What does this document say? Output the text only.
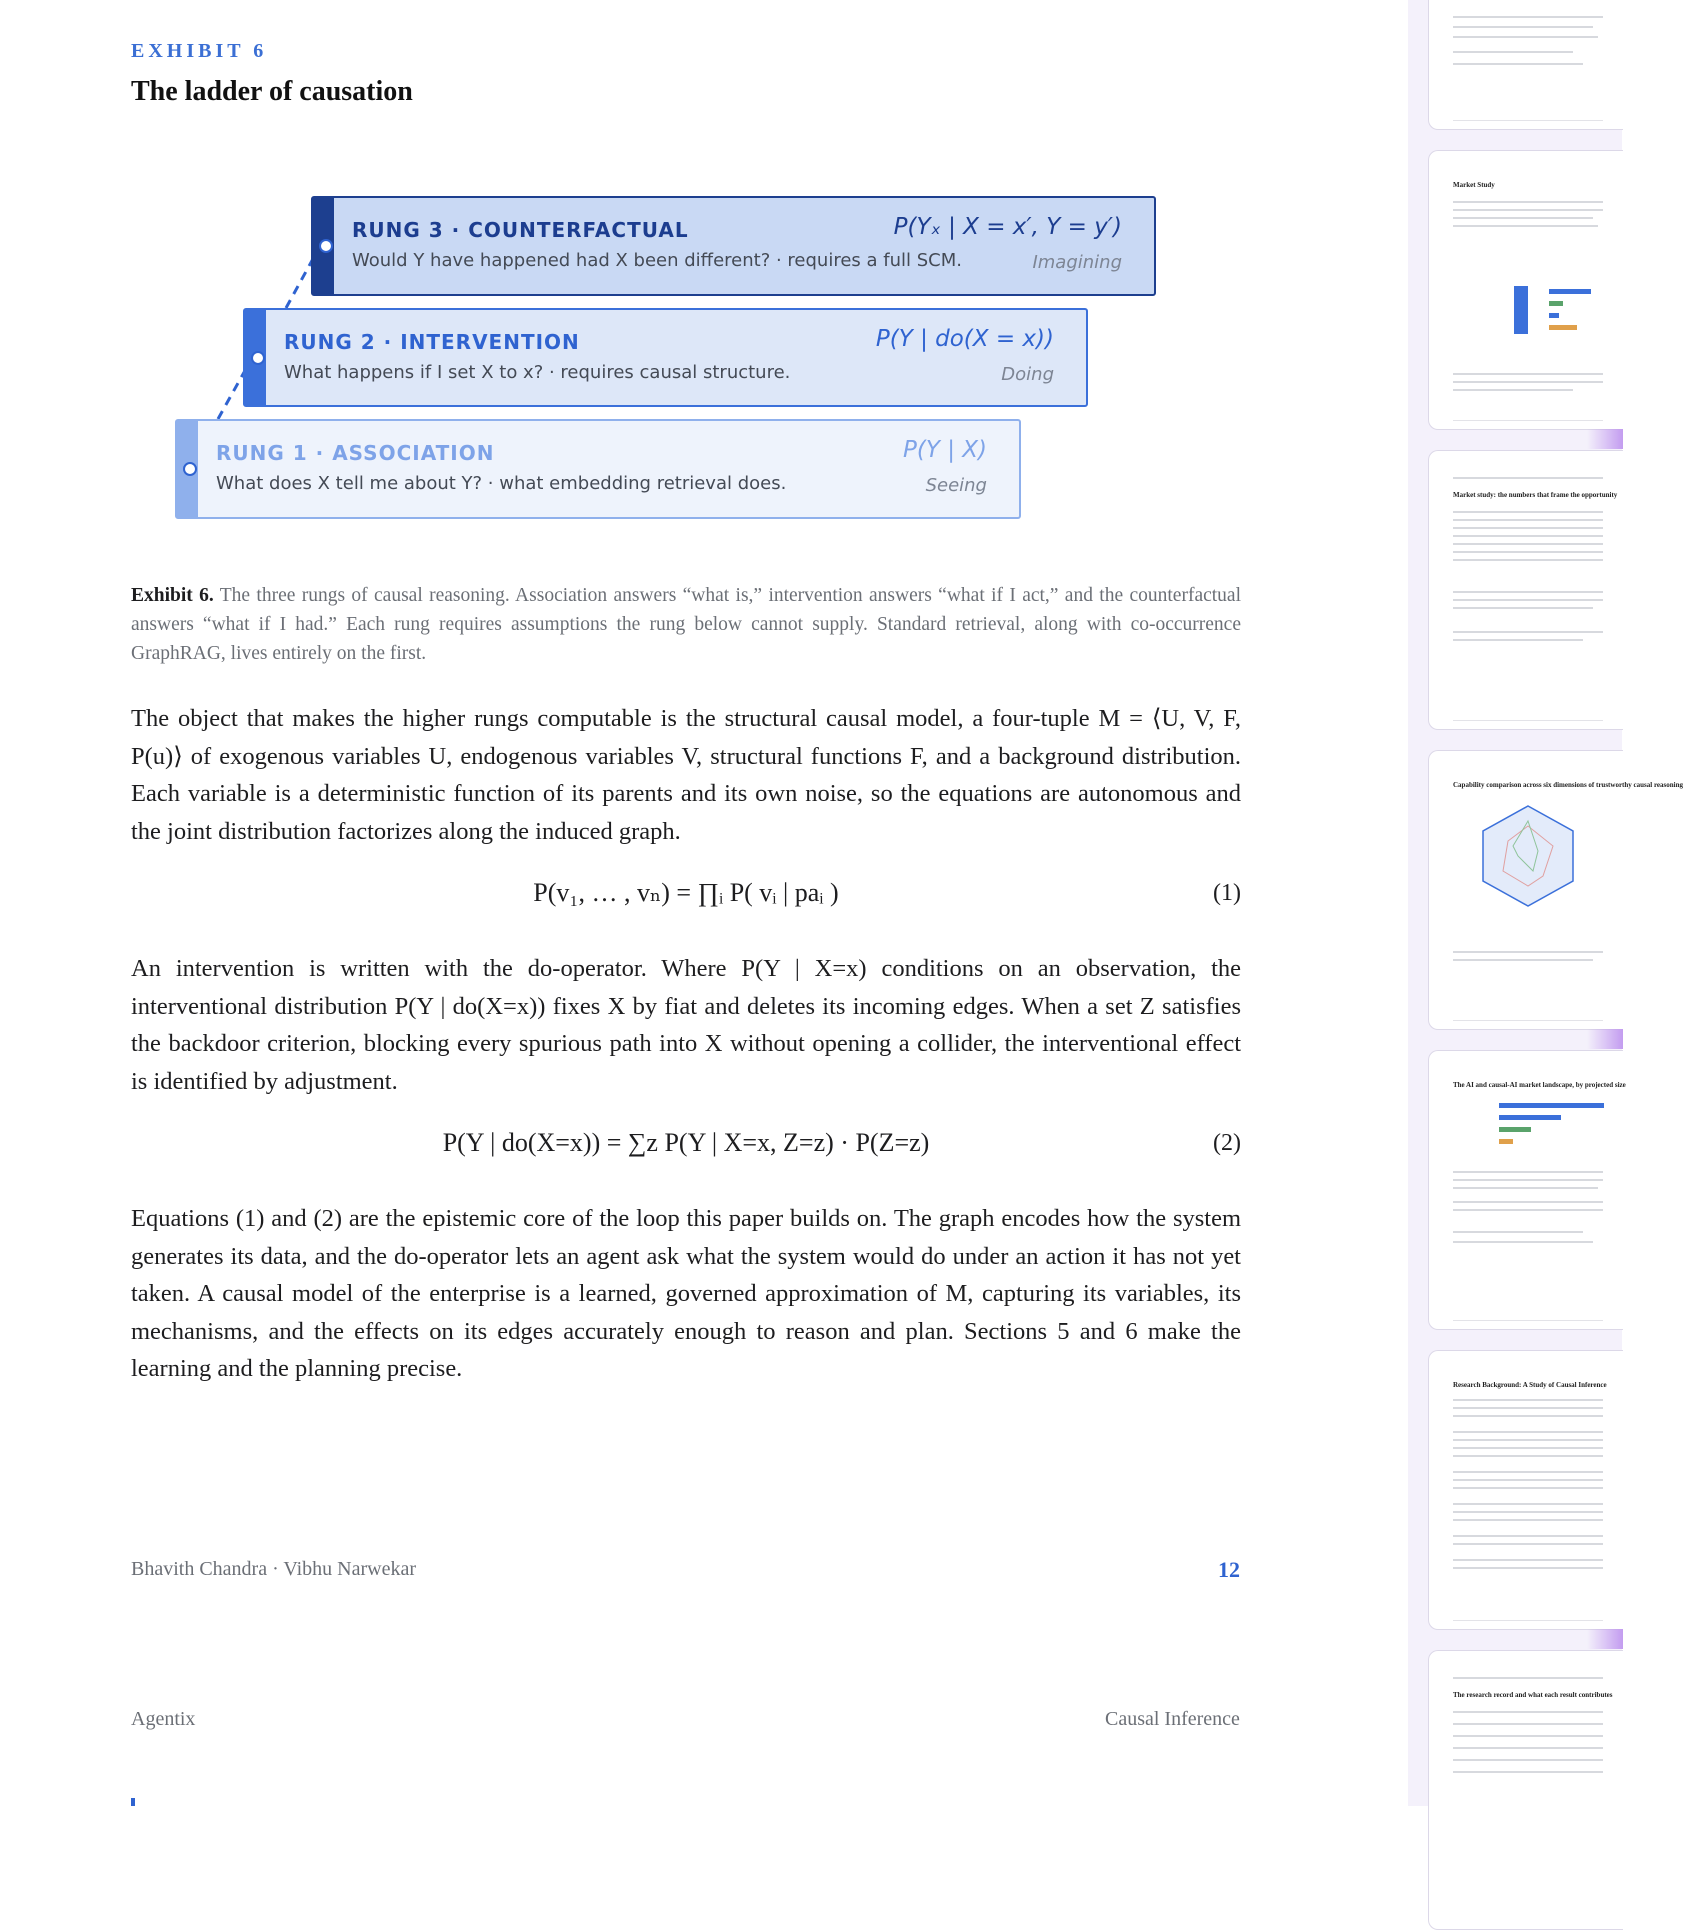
EXHIBIT 6
The ladder of causation
RUNG 3 · COUNTERFACTUAL
Would Y have happened had X been different? · requires a full SCM.
P(Yₓ | X = x′, Y = y′)
Imagining
RUNG 2 · INTERVENTION
What happens if I set X to x? · requires causal structure.
P(Y | do(X = x))
Doing
RUNG 1 · ASSOCIATION
What does X tell me about Y? · what embedding retrieval does.
P(Y | X)
Seeing

Exhibit 6. The three rungs of causal reasoning. Association answers “what is,” intervention answers “what if I act,” and the counterfactual answers “what if I had.” Each rung requires assumptions the rung below cannot supply. Standard retrieval, along with co-occurrence GraphRAG, lives entirely on the first.

The object that makes the higher rungs computable is the structural causal model, a four-tuple M = ⟨U, V, F, P(u)⟩ of exogenous variables U, endogenous variables V, structural functions F, and a background distribution. Each variable is a deterministic function of its parents and its own noise, so the equations are autonomous and the joint distribution factorizes along the induced graph.

P(v₁, … , vₙ) = ∏ᵢ P( vᵢ | paᵢ )	(1)

An intervention is written with the do-operator. Where P(Y | X=x) conditions on an observation, the interventional distribution P(Y | do(X=x)) fixes X by fiat and deletes its incoming edges. When a set Z satisfies the backdoor criterion, blocking every spurious path into X without opening a collider, the interventional effect is identified by adjustment.

P(Y | do(X=x)) = ∑z P(Y | X=x, Z=z) · P(Z=z)	(2)

Equations (1) and (2) are the epistemic core of the loop this paper builds on. The graph encodes how the system generates its data, and the do-operator lets an agent ask what the system would do under an action it has not yet taken. A causal model of the enterprise is a learned, governed approximation of M, capturing its variables, its mechanisms, and the effects on its edges accurately enough to reason and plan. Sections 5 and 6 make the learning and the planning precise.

Bhavith Chandra · Vibhu Narwekar	12
Agentix	Causal Inference
Market Study
Market study: the numbers that frame the opportunity
Capability comparison across six dimensions of trustworthy causal reasoning
The AI and causal-AI market landscape, by projected size
Research Background: A Study of Causal Inference
The research record and what each result contributes
